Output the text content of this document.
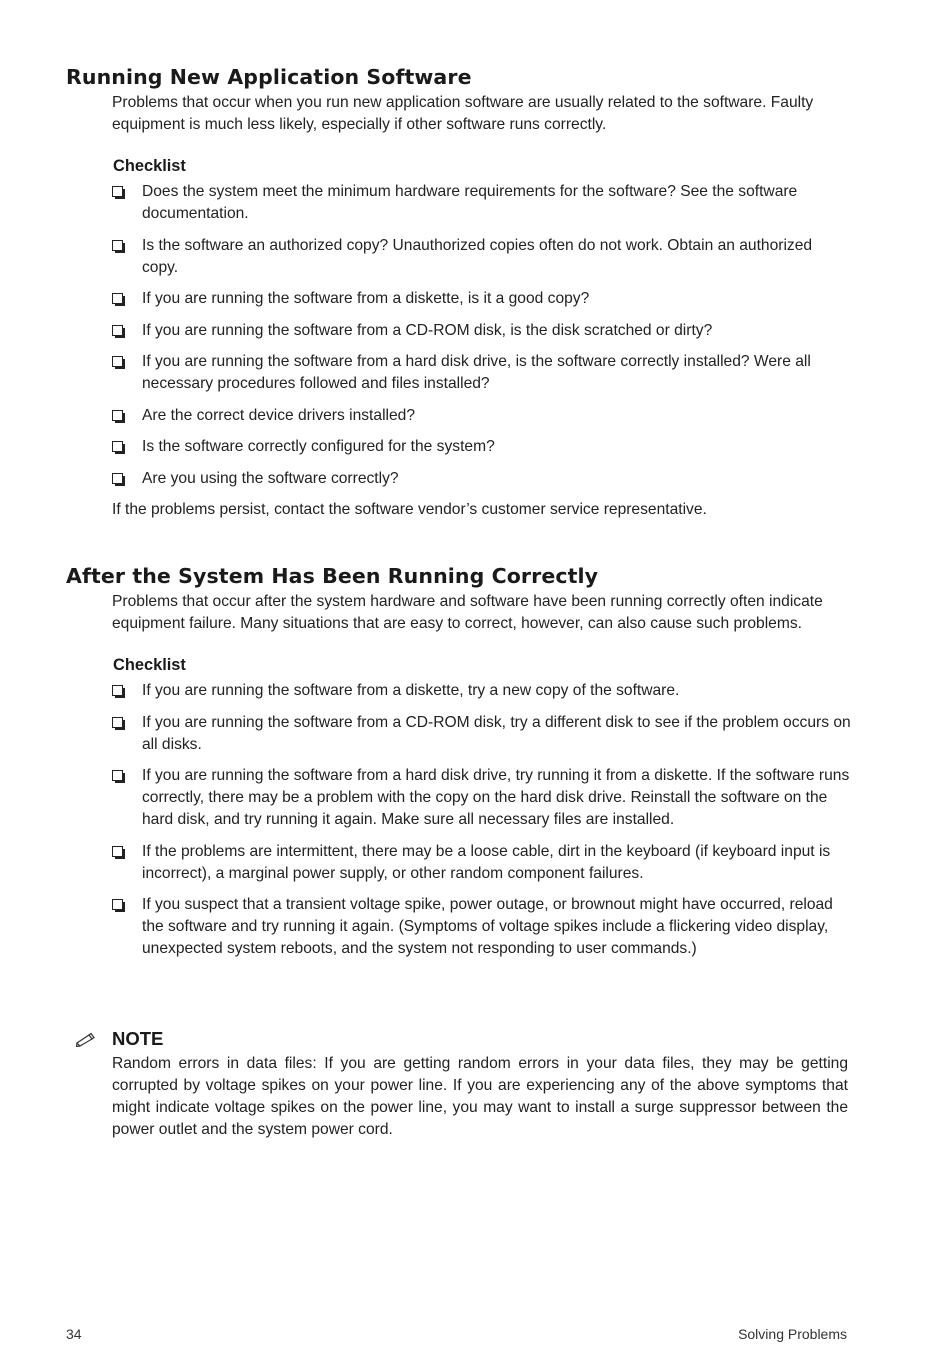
Running New Application Software

Problems that occur when you run new application software are usually related to the software. Faulty equipment is much less likely, especially if other software runs correctly.

Checklist
Does the system meet the minimum hardware requirements for the software? See the software documentation.
Is the software an authorized copy? Unauthorized copies often do not work. Obtain an authorized copy.
If you are running the software from a diskette, is it a good copy?
If you are running the software from a CD-ROM disk, is the disk scratched or dirty?
If you are running the software from a hard disk drive, is the software correctly installed? Were all necessary procedures followed and files installed?
Are the correct device drivers installed?
Is the software correctly configured for the system?
Are you using the software correctly?

If the problems persist, contact the software vendor’s customer service representative.

After the System Has Been Running Correctly

Problems that occur after the system hardware and software have been running correctly often indicate equipment failure. Many situations that are easy to correct, however, can also cause such problems.

Checklist
If you are running the software from a diskette, try a new copy of the software.
If you are running the software from a CD-ROM disk, try a different disk to see if the problem occurs on all disks.
If you are running the software from a hard disk drive, try running it from a diskette. If the software runs correctly, there may be a problem with the copy on the hard disk drive. Reinstall the software on the hard disk, and try running it again. Make sure all necessary files are installed.
If the problems are intermittent, there may be a loose cable, dirt in the keyboard (if keyboard input is incorrect), a marginal power supply, or other random component failures.
If you suspect that a transient voltage spike, power outage, or brownout might have occurred, reload the software and try running it again. (Symptoms of voltage spikes include a flickering video display, unexpected system reboots, and the system not responding to user commands.)
NOTE

Random errors in data files: If you are getting random errors in your data files, they may be getting corrupted by voltage spikes on your power line. If you are experiencing any of the above symptoms that might indicate voltage spikes on the power line, you may want to install a surge suppressor between the power outlet and the system power cord.

34	Solving Problems
